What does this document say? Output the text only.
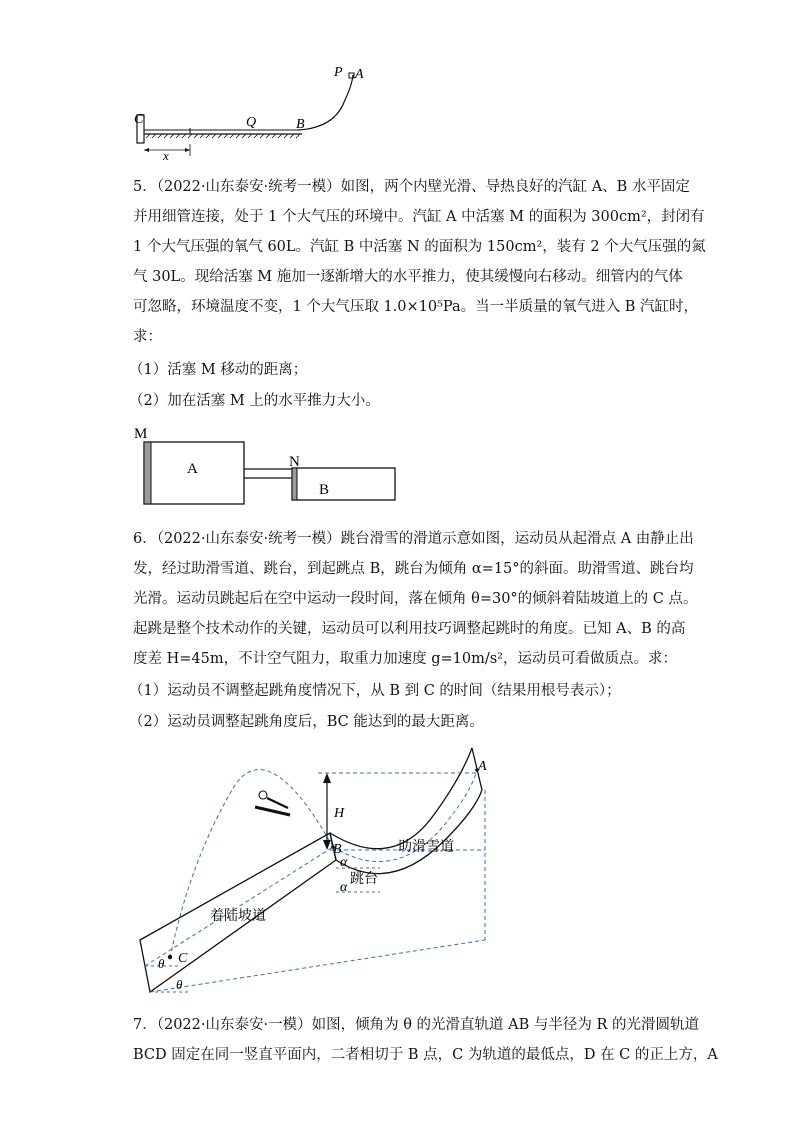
C
x
Q	B
P A
5．（2022·山东泰安·统考一模）如图，两个内壁光滑、导热良好的汽缸 A、B 水平固定
并用细管连接，处于 1 个大气压的环境中。汽缸 A 中活塞 M 的面积为 300cm²，封闭有
1 个大气压强的氧气 60L。汽缸 B 中活塞 N 的面积为 150cm²，装有 2 个大气压强的氮
气 30L。现给活塞 M 施加一逐渐增大的水平推力，使其缓慢向右移动。细管内的气体
可忽略，环境温度不变，1 个大气压取 1.0×10⁵Pa。当一半质量的氧气进入 B 汽缸时，
求：
（1）活塞 M 移动的距离；
（2）加在活塞 M 上的水平推力大小。
M
A	N
B
6．（2022·山东泰安·统考一模）跳台滑雪的滑道示意如图，运动员从起滑点 A 由静止出
发，经过助滑雪道、跳台，到起跳点 B，跳台为倾角 α=15°的斜面。助滑雪道、跳台均
光滑。运动员跳起后在空中运动一段时间，落在倾角 θ=30°的倾斜着陆坡道上的 C 点。
起跳是整个技术动作的关键，运动员可以利用技巧调整起跳时的角度。已知 A、B 的高
度差 H=45m，不计空气阻力，取重力加速度 g=10m/s²，运动员可看做质点。求：
（1）运动员不调整起跳角度情况下，从 B 到 C 的时间（结果用根号表示）；
（2）运动员调整起跳角度后，BC 能达到的最大距离。
A
H
B	助滑雪道
跳台
α
α
着陆坡道
C
θ
θ
7．（2022·山东泰安·一模）如图，倾角为 θ 的光滑直轨道 AB 与半径为 R 的光滑圆轨道
BCD 固定在同一竖直平面内，二者相切于 B 点，C 为轨道的最低点，D 在 C 的正上方，A
